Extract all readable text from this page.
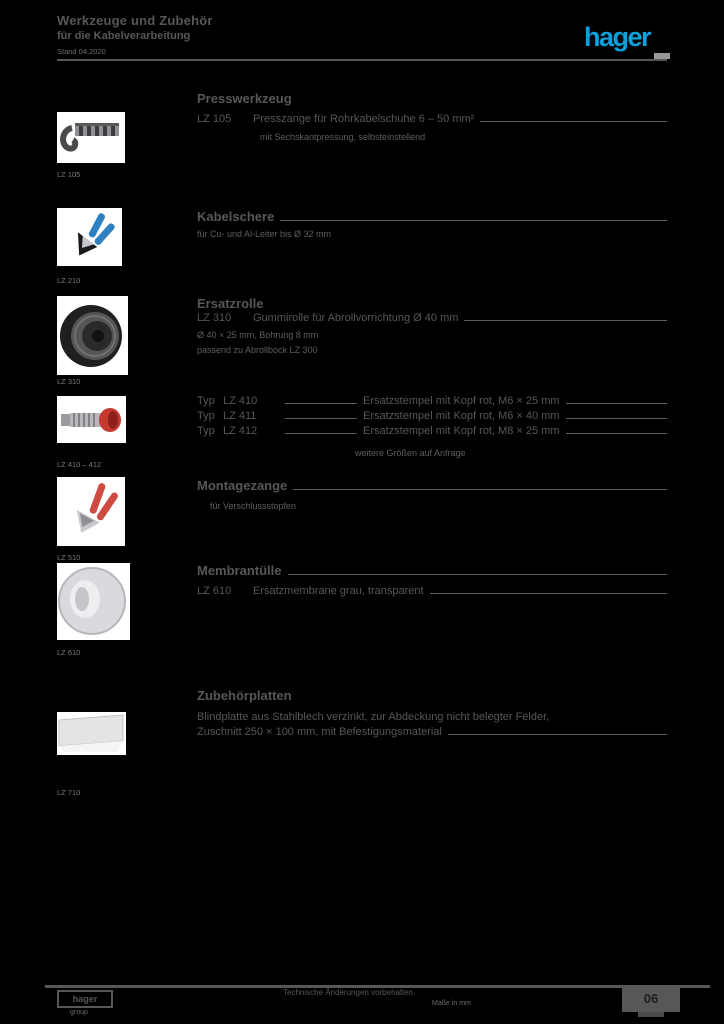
Werkzeuge und Zubehör
für die Kabelverarbeitung
Stand 04.2020	hager
Presswerkzeug
LZ 105
LZ 105	Presszange für Rohrkabelschuhe 6 – 50 mm²
mit Sechskantpressung, selbsteinstellend
LZ 210
Kabelschere
für Cu- und Al-Leiter bis Ø 32 mm
Ersatzrolle
LZ 310
LZ 310	Gummirolle für Abrollvorrichtung Ø 40 mm
Ø 40 × 25 mm, Bohrung 8 mm
passend zu Abrollbock LZ 300
LZ 410 – 412
Typ LZ 410	Ersatzstempel mit Kopf rot, M6 × 25 mm
Typ LZ 411	Ersatzstempel mit Kopf rot, M6 × 40 mm
Typ LZ 412	Ersatzstempel mit Kopf rot, M8 × 25 mm
weitere Größen auf Anfrage
LZ 510
Montagezange
für Verschlussstopfen
LZ 610
Membrantülle
LZ 610	Ersatzmembrane grau, transparent
Zubehörplatten
LZ 710
Blindplatte aus Stahlblech verzinkt, zur Abdeckung nicht belegter Felder,
Zuschnitt 250 × 100 mm, mit Befestigungsmaterial
hager
group
Technische Änderungen vorbehalten.
Maße in mm	06
